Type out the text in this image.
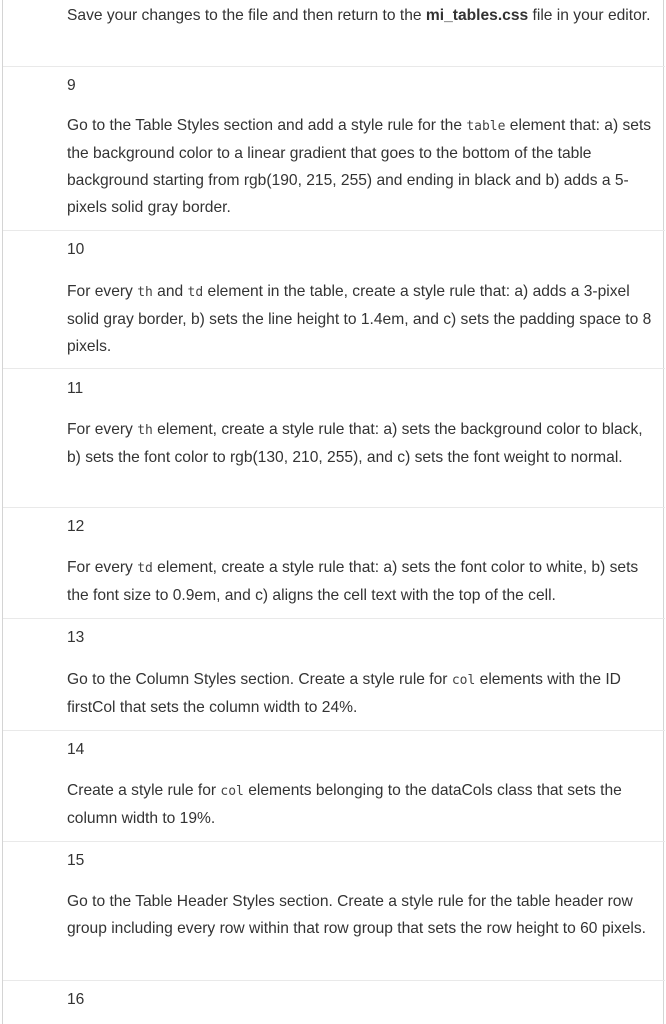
Save your changes to the file and then return to the mi_tables.css file in your editor.

9

Go to the Table Styles section and add a style rule for the table element that: a) sets the background color to a linear gradient that goes to the bottom of the table background starting from rgb(190, 215, 255) and ending in black and b) adds a 5-pixels solid gray border.

10

For every th and td element in the table, create a style rule that: a) adds a 3-pixel solid gray border, b) sets the line height to 1.4em, and c) sets the padding space to 8 pixels.

11

For every th element, create a style rule that: a) sets the background color to black, b) sets the font color to rgb(130, 210, 255), and c) sets the font weight to normal.

12

For every td element, create a style rule that: a) sets the font color to white, b) sets the font size to 0.9em, and c) aligns the cell text with the top of the cell.

13

Go to the Column Styles section. Create a style rule for col elements with the ID firstCol that sets the column width to 24%.

14

Create a style rule for col elements belonging to the dataCols class that sets the column width to 19%.

15

Go to the Table Header Styles section. Create a style rule for the table header row group including every row within that row group that sets the row height to 60 pixels.

16
